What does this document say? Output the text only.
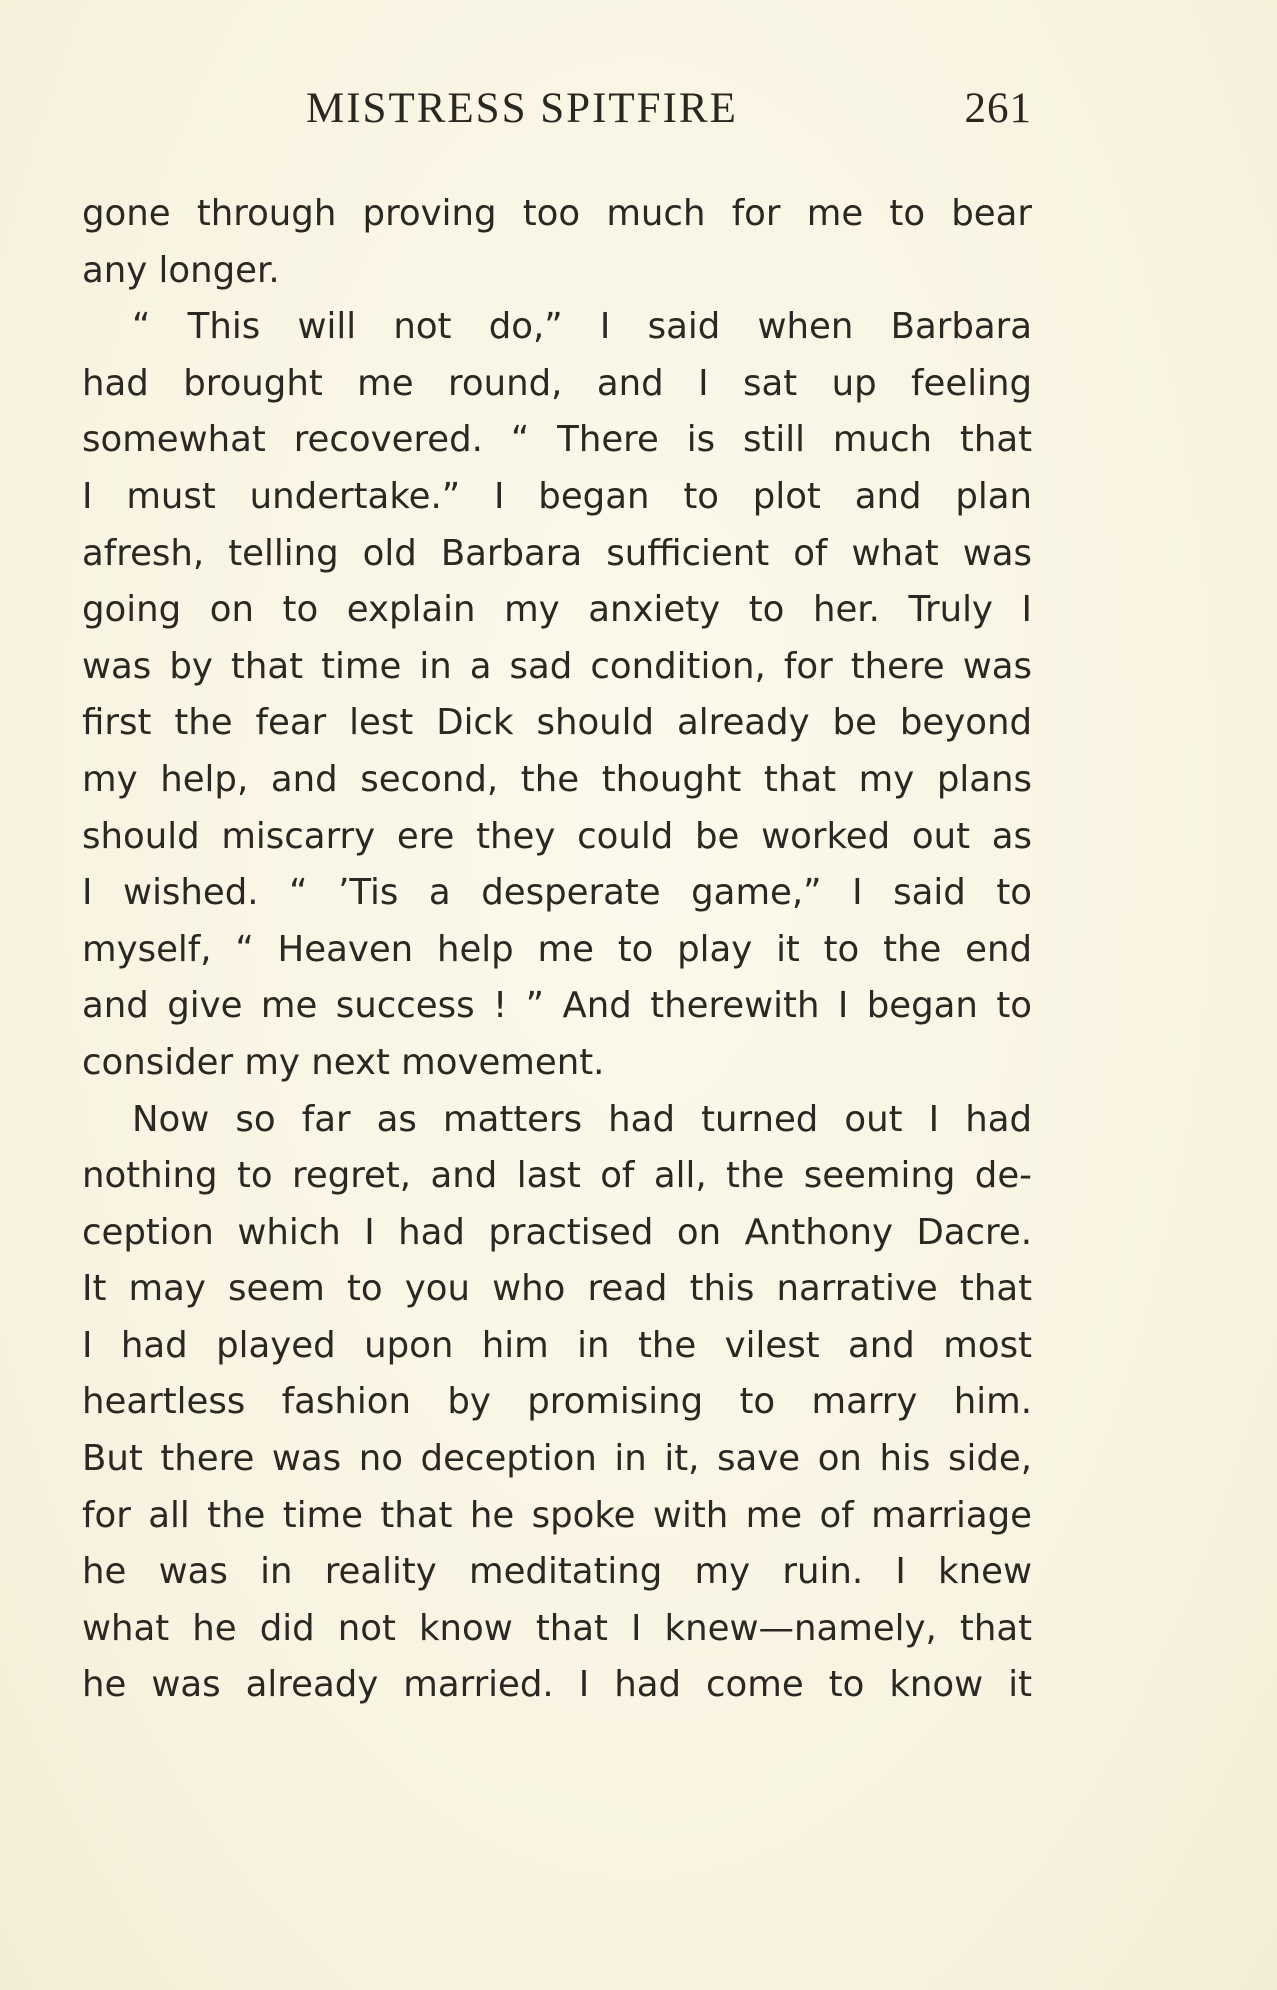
MISTRESS SPITFIRE	261
gone through proving too much for me to bear
any longer.
“ This will not do,” I said when Barbara
had brought me round, and I sat up feeling
somewhat recovered. “ There is still much that
I must undertake.” I began to plot and plan
afresh, telling old Barbara sufficient of what was
going on to explain my anxiety to her. Truly I
was by that time in a sad condition, for there was
first the fear lest Dick should already be beyond
my help, and second, the thought that my plans
should miscarry ere they could be worked out as
I wished. “ ’Tis a desperate game,” I said to
myself, “ Heaven help me to play it to the end
and give me success ! ” And therewith I began to
consider my next movement.
Now so far as matters had turned out I had
nothing to regret, and last of all, the seeming de-
ception which I had practised on Anthony Dacre.
It may seem to you who read this narrative that
I had played upon him in the vilest and most
heartless fashion by promising to marry him.
But there was no deception in it, save on his side,
for all the time that he spoke with me of marriage
he was in reality meditating my ruin. I knew
what he did not know that I knew—namely, that
he was already married. I had come to know it
